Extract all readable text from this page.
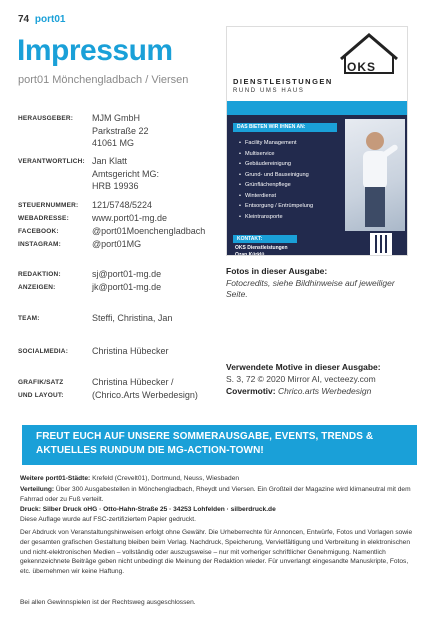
74 port01
Impressum
port01 Mönchengladbach / Viersen
HERAUSGEBER:	MJM GmbH
Parkstraße 22
41061 MG
VERANTWORTLICH: Jan Klatt
Amtsgericht MG:
HRB 19936
STEUERNUMMER:	121/5748/5224
WEBADRESSE:	www.port01-mg.de
FACEBOOK:	@port01Moenchengladbach
INSTAGRAM:	@port01MG
REDAKTION:	sj@port01-mg.de
ANZEIGEN:	jk@port01-mg.de
TEAM:	Steffi, Christina, Jan
SOCIALMEDIA:	Christina Hübecker
GRAFIK/SATZ	Christina Hübecker /
UND LAYOUT:	(Chrico.Arts Werbedesign)
OKS
DIENSTLEISTUNGEN
RUND UMS HAUS
DAS BIETEN WIR IHNEN AN:
• Facility Management
• Multiservice
• Gebäudereinigung
• Grund- und Bauseinigung
• Grünflächenpflege
• Winterdienst
• Entsorgung / Entrümpelung
• Kleintransporte
KONTAKT:
OKS Dienstleistungen
Ozan Kürklü
Fotos in dieser Ausgabe:
Fotocredits, siehe Bildhinweise auf jeweiliger Seite.
Verwendete Motive in dieser Ausgabe:
S. 3, 72 © 2020 Mirror AI, vecteezy.com
Covermotiv: Chrico.arts Werbedesign
FREUT EUCH AUF UNSERE SOMMERAUSGABE, EVENTS, TRENDS &
AKTUELLES RUNDUM DIE MG-ACTION-TOWN!
Weitere port01-Städte: Krefeld (Crevelt01), Dortmund, Neuss, Wiesbaden
Verteilung: Über 300 Ausgabestellen in Mönchengladbach, Rheydt und Viersen. Ein Großteil der Magazine wird klimaneutral mit dem Fahrrad oder zu Fuß verteilt.
Druck: Silber Druck oHG · Otto-Hahn-Straße 25 · 34253 Lohfelden · silberdruck.de
Diese Auflage wurde auf FSC-zertifiziertem Papier gedruckt.
Der Abdruck von Veranstaltungshinweisen erfolgt ohne Gewähr. Die Urheberrechte für Annoncen, Entwürfe, Fotos und Vorlagen sowie der gesamten grafischen Gestaltung bleiben beim Verlag. Nachdruck, Speicherung, Vervielfältigung und Verbreitung in elektronischen und nicht-elektronischen Medien – vollständig oder auszugsweise – nur mit vorheriger schriftlicher Genehmigung. Namentlich gekennzeichnete Beiträge geben nicht unbedingt die Meinung der Redaktion wieder. Für unverlangt eingesandte Manuskripte, Fotos, etc. übernehmen wir keine Haftung.
Bei allen Gewinnspielen ist der Rechtsweg ausgeschlossen.
